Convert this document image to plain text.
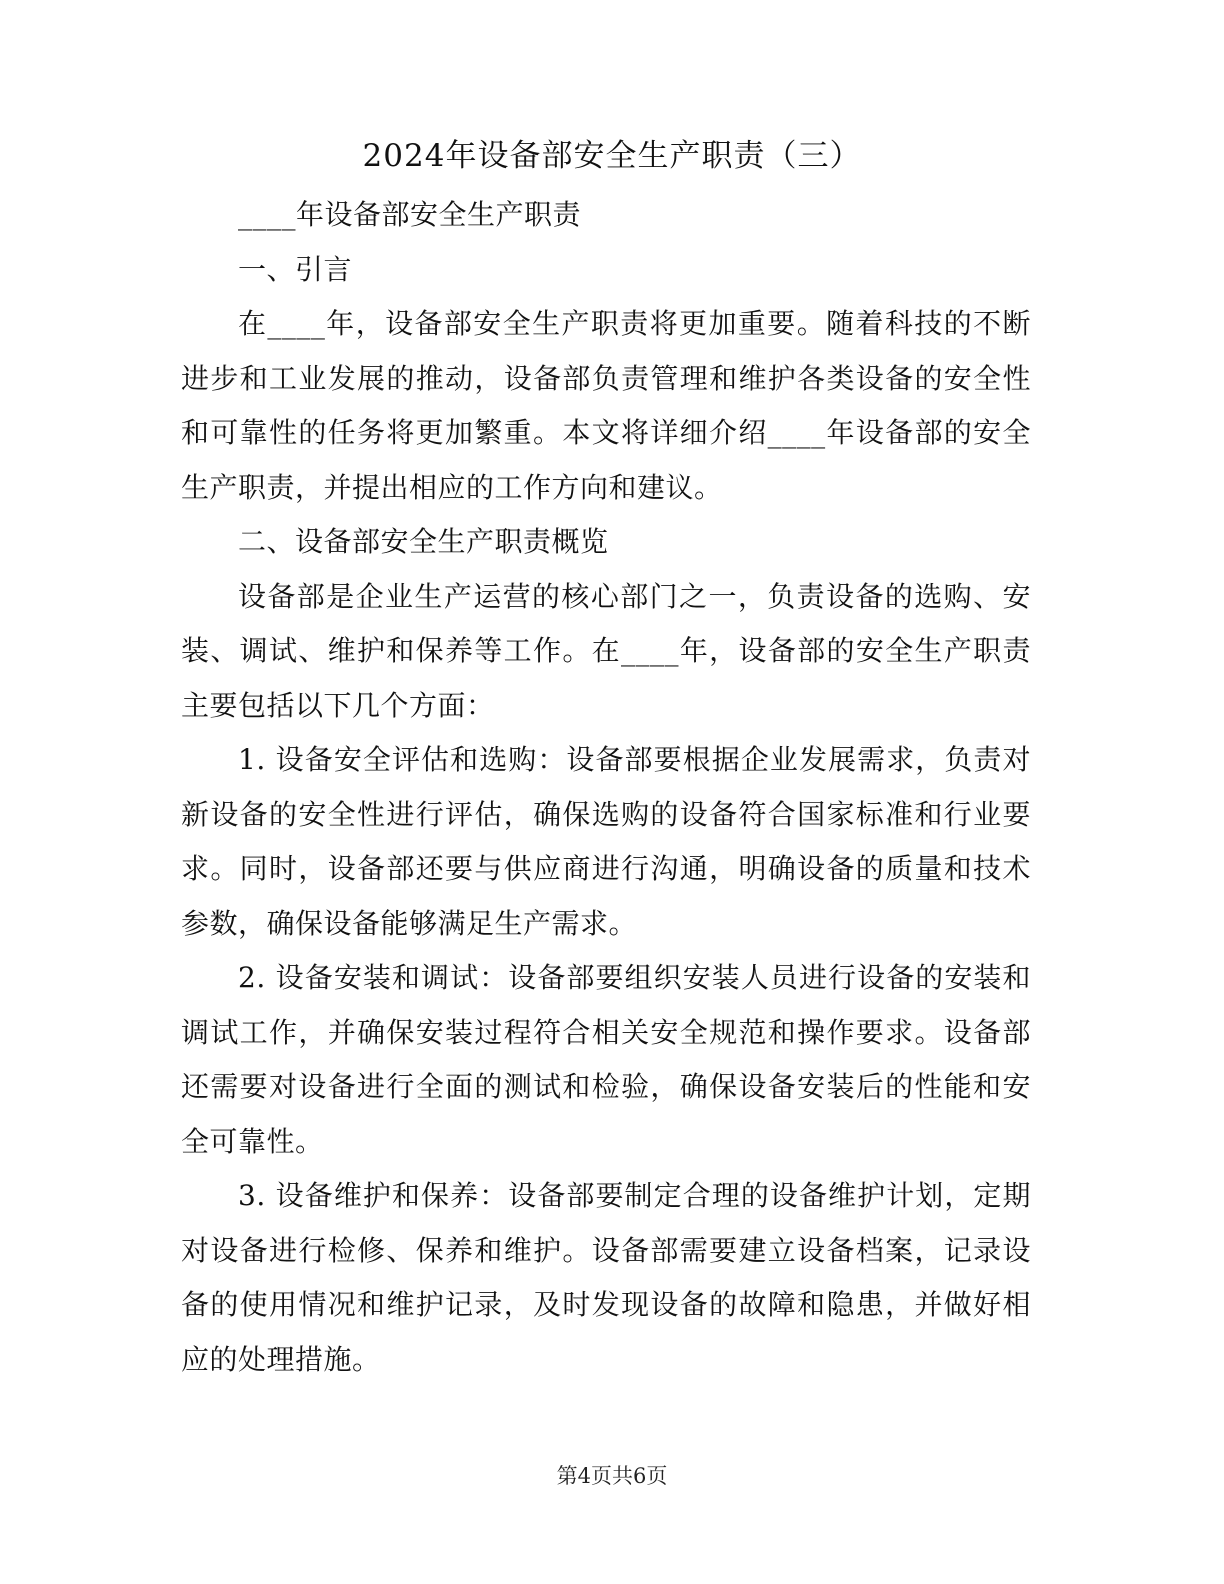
2024年设备部安全生产职责（三）

____年设备部安全生产职责

一、引言

在____年，设备部安全生产职责将更加重要。随着科技的不断进步和工业发展的推动，设备部负责管理和维护各类设备的安全性和可靠性的任务将更加繁重。本文将详细介绍____年设备部的安全生产职责，并提出相应的工作方向和建议。

二、设备部安全生产职责概览

设备部是企业生产运营的核心部门之一，负责设备的选购、安装、调试、维护和保养等工作。在____年，设备部的安全生产职责主要包括以下几个方面：

1. 设备安全评估和选购：设备部要根据企业发展需求，负责对新设备的安全性进行评估，确保选购的设备符合国家标准和行业要求。同时，设备部还要与供应商进行沟通，明确设备的质量和技术参数，确保设备能够满足生产需求。

2. 设备安装和调试：设备部要组织安装人员进行设备的安装和调试工作，并确保安装过程符合相关安全规范和操作要求。设备部还需要对设备进行全面的测试和检验，确保设备安装后的性能和安全可靠性。

3. 设备维护和保养：设备部要制定合理的设备维护计划，定期对设备进行检修、保养和维护。设备部需要建立设备档案，记录设备的使用情况和维护记录，及时发现设备的故障和隐患，并做好相应的处理措施。

第4页共6页
